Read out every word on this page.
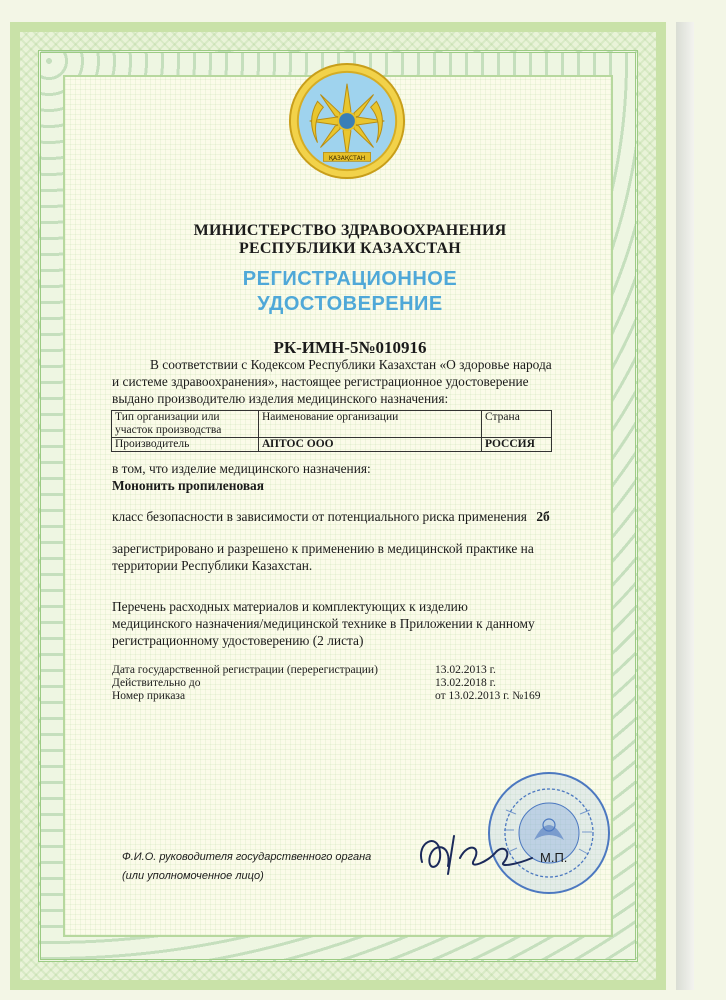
ҚАЗАҚСТАН
МИНИСТЕРСТВО ЗДРАВООХРАНЕНИЯ
РЕСПУБЛИКИ КАЗАХСТАН
РЕГИСТРАЦИОННОЕ
УДОСТОВЕРЕНИЕ
РК-ИМН-5№010916
В соответствии с Кодексом Республики Казахстан «О здоровье народа
и системе здравоохранения», настоящее регистрационное удостоверение
выдано производителю изделия медицинского назначения:
Тип организации или участок производства	Наименование организации	Страна
Производитель	АПТОС ООО	РОССИЯ
в том, что изделие медицинского назначения:
Мононить пропиленовая
класс безопасности в зависимости от потенциального риска применения 2б
зарегистрировано и разрешено к применению в медицинской практике на
территории Республики Казахстан.
Перечень расходных материалов и комплектующих к изделию
медицинского назначения/медицинской технике в Приложении к данному
регистрационному удостоверению (2 листа)
Дата государственной регистрации (перерегистрации)	13.02.2013 г.
Действительно до	13.02.2018 г.
Номер приказа	от 13.02.2013 г. №169
Ф.И.О. руководителя государственного органа
(или уполномоченное лицо)
М.П.
